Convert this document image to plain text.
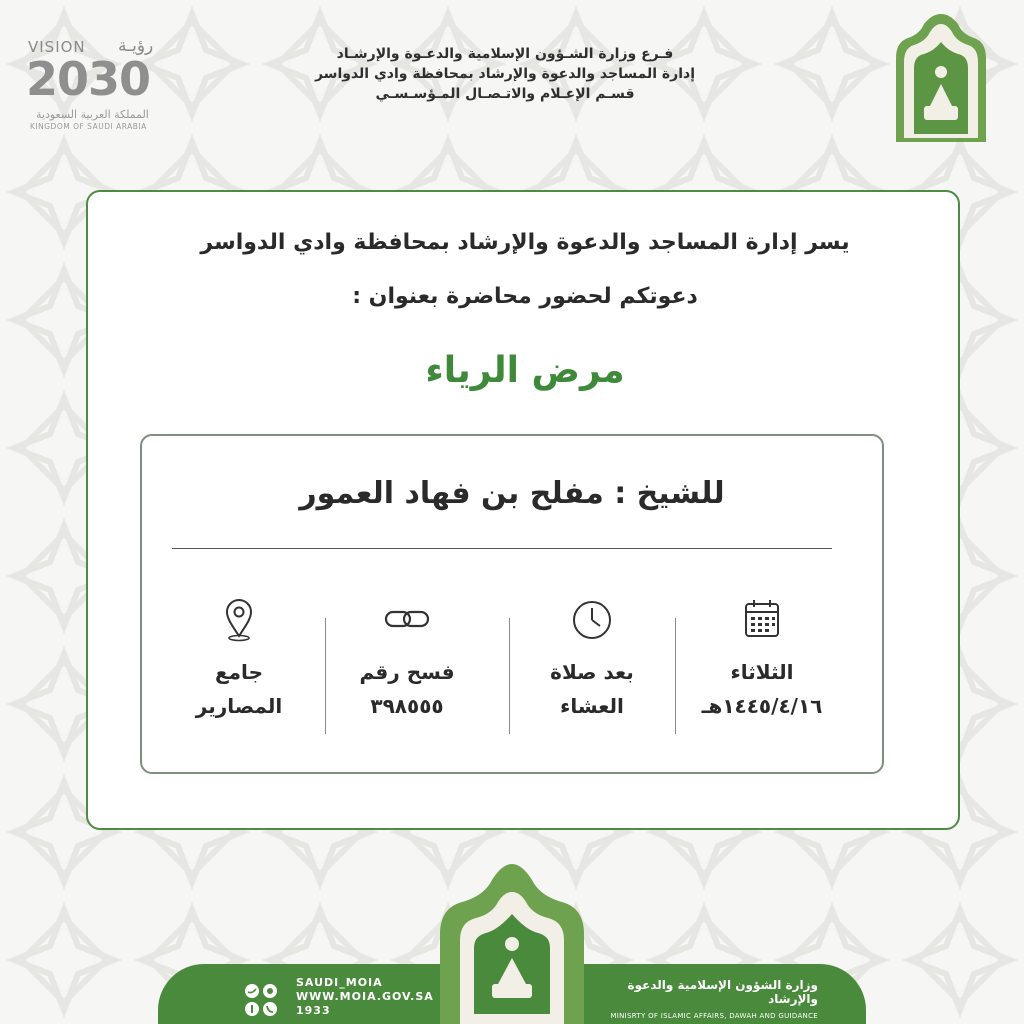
VISION رؤيـة
2030
المملكة العربية السعودية
KINGDOM OF SAUDI ARABIA
فـرع وزارة الشـؤون الإسلامية والدعـوة والإرشـاد
إدارة المساجد والدعوة والإرشاد بمحافظة وادي الدواسر
قسـم الإعـلام والاتـصـال المـؤسـسـي
يسر إدارة المساجد والدعوة والإرشاد بمحافظة وادي الدواسر
دعوتكم لحضور محاضرة بعنوان :
مرض الرياء
للشيخ : مفلح بن فهاد العمور
الثلاثاء
١٤٤٥/٤/١٦هـ
بعد صلاة
العشاء
فسح رقم
٣٩٨٥٥٥
جامع
المصارير
SAUDI_MOIA
WWW.MOIA.GOV.SA
1933
وزارة الشؤون الإسلامية والدعوة والإرشاد
MINISRTY OF ISLAMIC AFFAIRS, DAWAH AND GUIDANCE
